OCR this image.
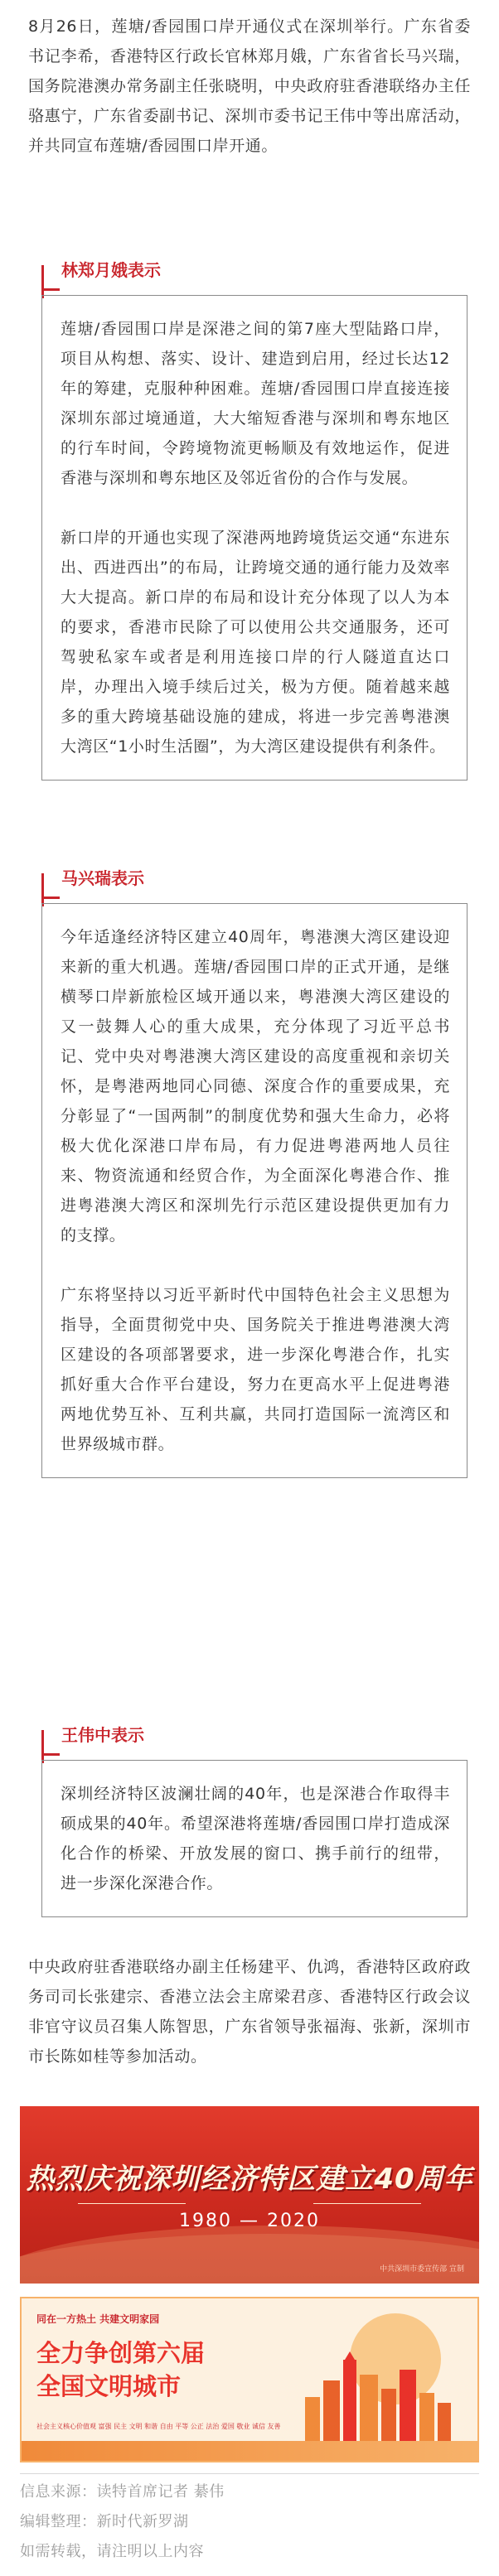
8月26日，莲塘/香园围口岸开通仪式在深圳举行。广东省委书记李希，香港特区行政长官林郑月娥，广东省省长马兴瑞，国务院港澳办常务副主任张晓明，中央政府驻香港联络办主任骆惠宁，广东省委副书记、深圳市委书记王伟中等出席活动，并共同宣布莲塘/香园围口岸开通。

林郑月娥表示

莲塘/香园围口岸是深港之间的第7座大型陆路口岸，项目从构想、落实、设计、建造到启用，经过长达12年的筹建，克服种种困难。莲塘/香园围口岸直接连接深圳东部过境通道，大大缩短香港与深圳和粤东地区的行车时间，令跨境物流更畅顺及有效地运作，促进香港与深圳和粤东地区及邻近省份的合作与发展。

新口岸的开通也实现了深港两地跨境货运交通“东进东出、西进西出”的布局，让跨境交通的通行能力及效率大大提高。新口岸的布局和设计充分体现了以人为本的要求，香港市民除了可以使用公共交通服务，还可驾驶私家车或者是利用连接口岸的行人隧道直达口岸，办理出入境手续后过关，极为方便。随着越来越多的重大跨境基础设施的建成，将进一步完善粤港澳大湾区“1小时生活圈”，为大湾区建设提供有利条件。

马兴瑞表示

今年适逢经济特区建立40周年，粤港澳大湾区建设迎来新的重大机遇。莲塘/香园围口岸的正式开通，是继横琴口岸新旅检区域开通以来，粤港澳大湾区建设的又一鼓舞人心的重大成果，充分体现了习近平总书记、党中央对粤港澳大湾区建设的高度重视和亲切关怀，是粤港两地同心同德、深度合作的重要成果，充分彰显了“一国两制”的制度优势和强大生命力，必将极大优化深港口岸布局，有力促进粤港两地人员往来、物资流通和经贸合作，为全面深化粤港合作、推进粤港澳大湾区和深圳先行示范区建设提供更加有力的支撑。

广东将坚持以习近平新时代中国特色社会主义思想为指导，全面贯彻党中央、国务院关于推进粤港澳大湾区建设的各项部署要求，进一步深化粤港合作，扎实抓好重大合作平台建设，努力在更高水平上促进粤港两地优势互补、互利共赢，共同打造国际一流湾区和世界级城市群。

王伟中表示

深圳经济特区波澜壮阔的40年，也是深港合作取得丰硕成果的40年。希望深港将莲塘/香园围口岸打造成深化合作的桥梁、开放发展的窗口、携手前行的纽带，进一步深化深港合作。

中央政府驻香港联络办副主任杨建平、仇鸿，香港特区政府政务司司长张建宗、香港立法会主席梁君彦、香港特区行政会议非官守议员召集人陈智思，广东省领导张福海、张新，深圳市市长陈如桂等参加活动。

热烈庆祝深圳经济特区建立40周年
1980 — 2020
中共深圳市委宣传部 宣制
同在一方热土 共建文明家园
全力争创第六届
全国文明城市
社会主义核心价值观 富强 民主 文明 和谐 自由 平等 公正 法治 爱国 敬业 诚信 友善
信息来源：读特首席记者 綦伟
编辑整理：新时代新罗湖
如需转载，请注明以上内容
